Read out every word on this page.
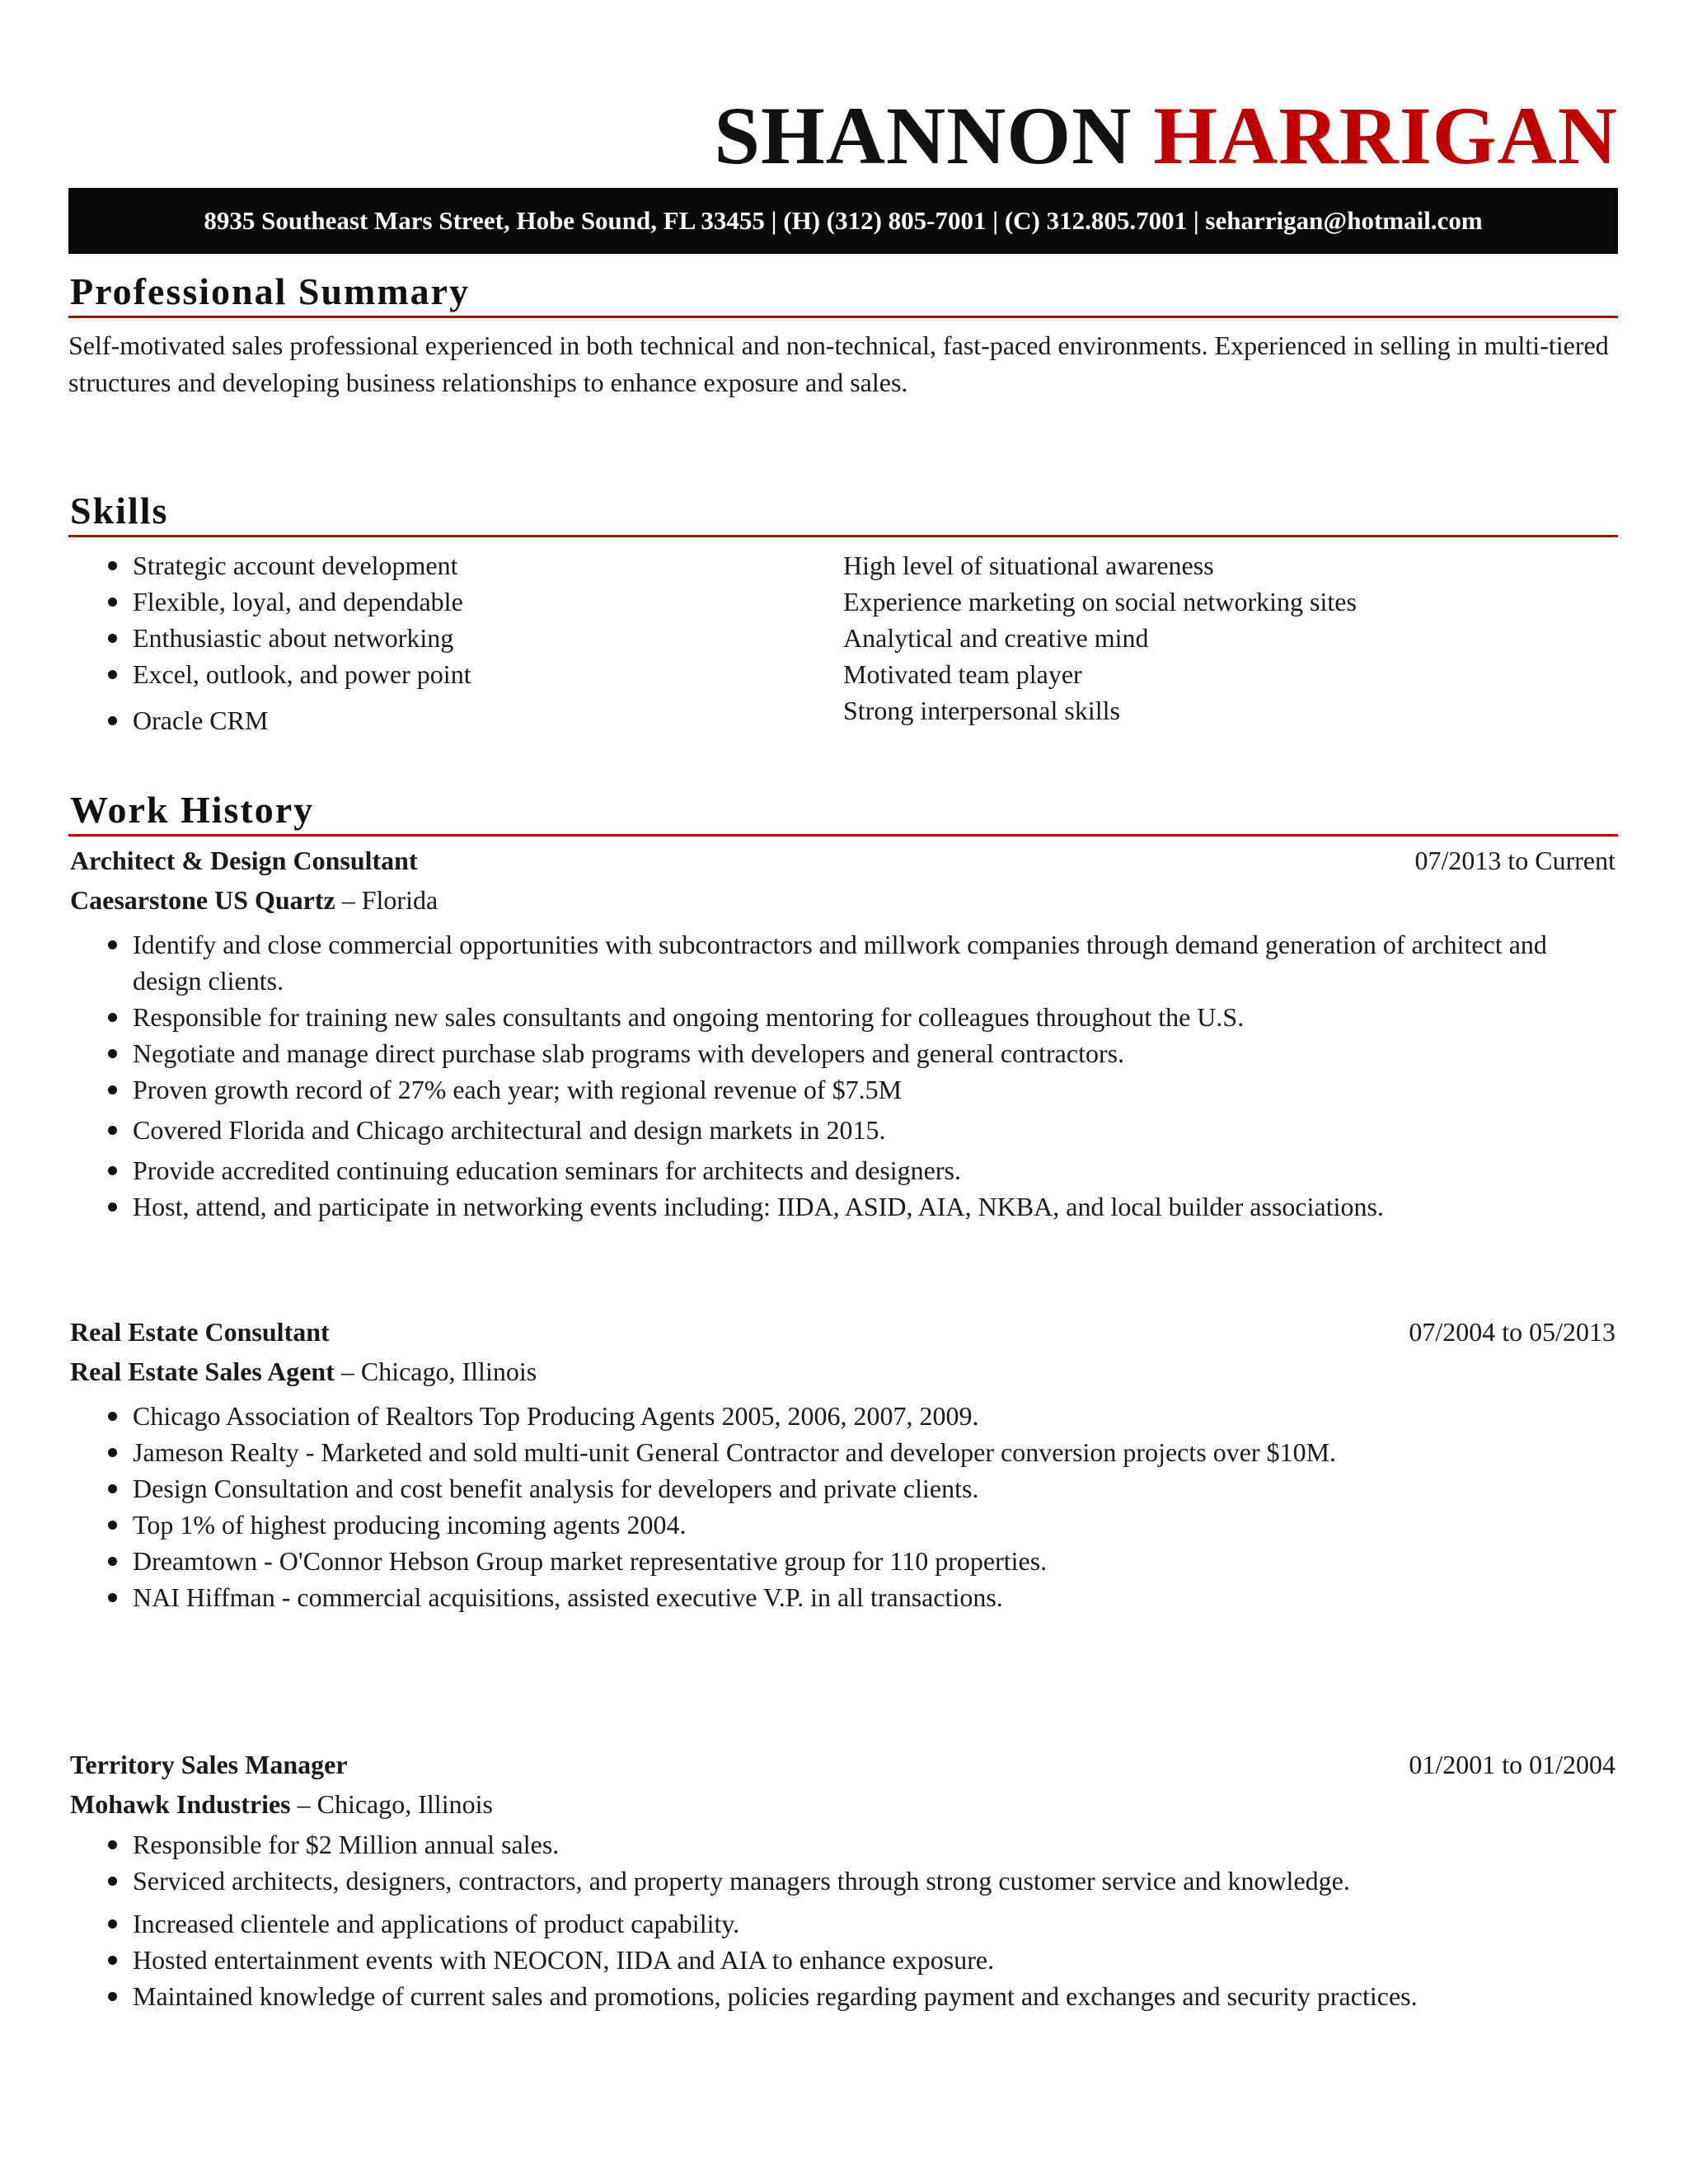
SHANNON HARRIGAN
8935 Southeast Mars Street, Hobe Sound, FL 33455 | (H) (312) 805-7001 | (C) 312.805.7001 | seharrigan@hotmail.com
Professional Summary
Self-motivated sales professional experienced in both technical and non-technical, fast-paced environments. Experienced in selling in multi-tiered structures and developing business relationships to enhance exposure and sales.
Skills
Strategic account development
Flexible, loyal, and dependable
Enthusiastic about networking
Excel, outlook, and power point
Oracle CRM
High level of situational awareness
Experience marketing on social networking sites
Analytical and creative mind
Motivated team player
Strong interpersonal skills
Work History
Architect & Design Consultant	07/2013 to Current
Caesarstone US Quartz – Florida
Identify and close commercial opportunities with subcontractors and millwork companies through demand generation of architect and design clients.
Responsible for training new sales consultants and ongoing mentoring for colleagues throughout the U.S.
Negotiate and manage direct purchase slab programs with developers and general contractors.
Proven growth record of 27% each year; with regional revenue of $7.5M
Covered Florida and Chicago architectural and design markets in 2015.
Provide accredited continuing education seminars for architects and designers.
Host, attend, and participate in networking events including: IIDA, ASID, AIA, NKBA, and local builder associations.
Real Estate Consultant	07/2004 to 05/2013
Real Estate Sales Agent – Chicago, Illinois
Chicago Association of Realtors Top Producing Agents 2005, 2006, 2007, 2009.
Jameson Realty - Marketed and sold multi-unit General Contractor and developer conversion projects over $10M.
Design Consultation and cost benefit analysis for developers and private clients.
Top 1% of highest producing incoming agents 2004.
Dreamtown - O'Connor Hebson Group market representative group for 110 properties.
NAI Hiffman - commercial acquisitions, assisted executive V.P. in all transactions.
Territory Sales Manager	01/2001 to 01/2004
Mohawk Industries – Chicago, Illinois
Responsible for $2 Million annual sales.
Serviced architects, designers, contractors, and property managers through strong customer service and knowledge.
Increased clientele and applications of product capability.
Hosted entertainment events with NEOCON, IIDA and AIA to enhance exposure.
Maintained knowledge of current sales and promotions, policies regarding payment and exchanges and security practices.
